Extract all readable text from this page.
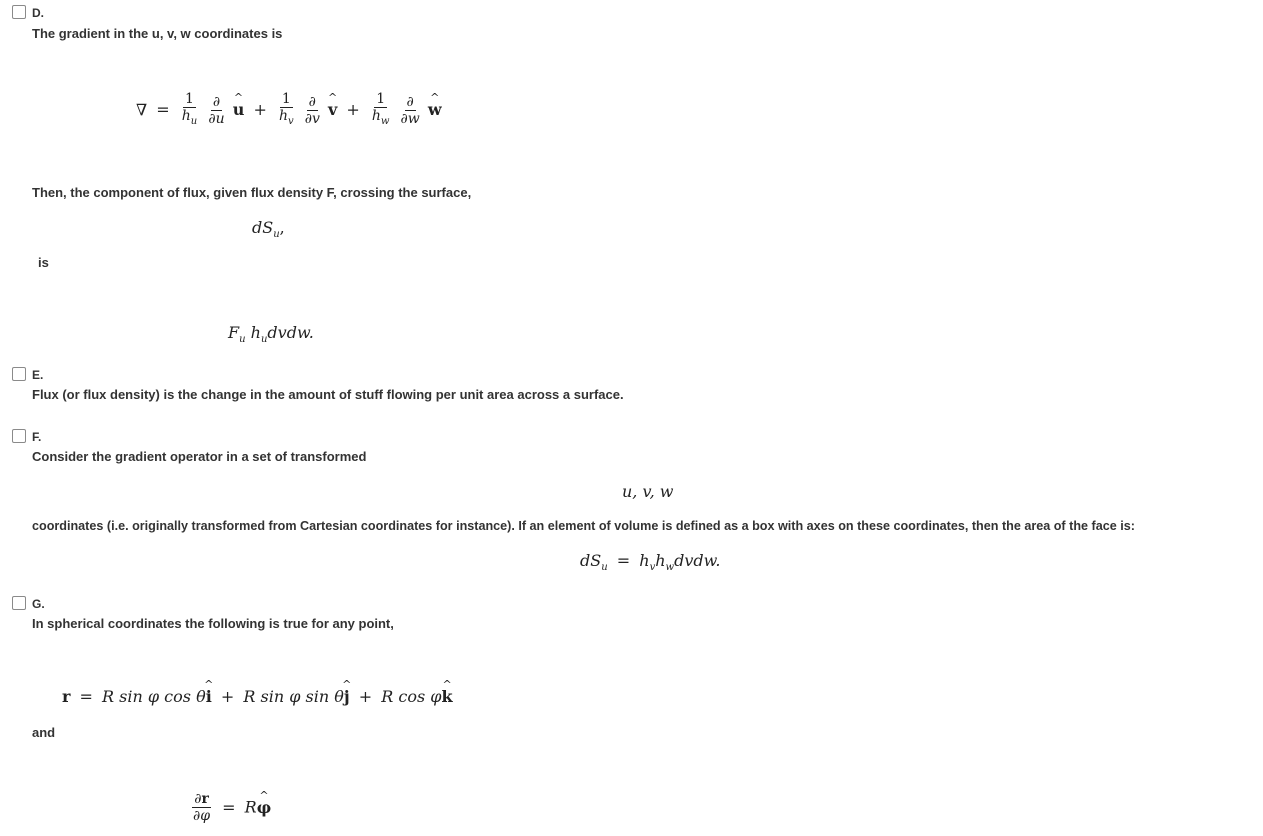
D.
The gradient in the u, v, w coordinates is
∇ = $\frac{1}{h_u}$
$\frac{\partial}{\partial u}$ ^ $u + \frac{1}{h_v}$
$\frac{\partial}{\partial v}$ ^ $v + \frac{1}{h_w}$
$\frac{\partial}{\partial w}$ ^ w
Then, the component of flux, given flux density F, crossing the surface,
$dS_u$,
is
$F_u$ $h_udvdw$.
E.
Flux (or flux density) is the change in the amount of stuff flowing per unit area across a surface.
F.
Consider the gradient operator in a set of transformed
u, v, w
coordinates (i.e. originally transformed from Cartesian coordinates for instance). If an element of volume is defined as a box with axes on these coordinates, then the area of the face is:
$dS_u$ = $h_vh_wdvdw$.
G.
In spherical coordinates the following is true for any point,
r = R sin φ cos θ^ i + R sin φ sin θ^ j + R cos φ^ k
and
$\frac{\partial r}{\partial\varphi}$ = R^ φ
